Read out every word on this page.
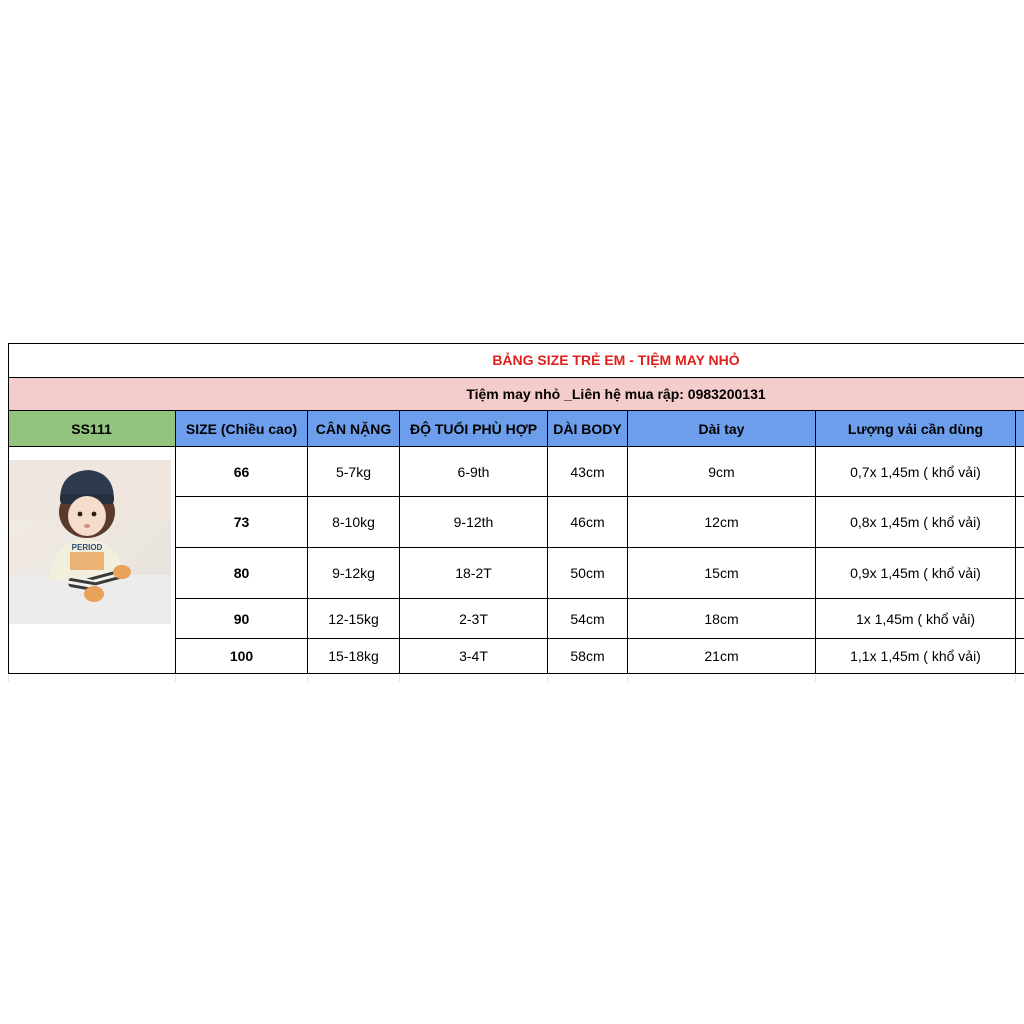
BẢNG SIZE TRẺ EM - TIỆM MAY NHỎ
Tiệm may nhỏ _Liên hệ mua rập: 0983200131
SS111	SIZE (Chiều cao)	CÂN NẶNG	ĐỘ TUỔI PHÙ HỢP	DÀI BODY	Dài tay	Lượng vải cần dùng
66	5-7kg	6-9th	43cm	9cm	0,7x 1,45m ( khổ vải)
73	8-10kg	9-12th	46cm	12cm	0,8x 1,45m ( khổ vải)
80	9-12kg	18-2T	50cm	15cm	0,9x 1,45m ( khổ vải)
90	12-15kg	2-3T	54cm	18cm	1x 1,45m ( khổ vải)
100	15-18kg	3-4T	58cm	21cm	1,1x 1,45m ( khổ vải)
PERIOD
